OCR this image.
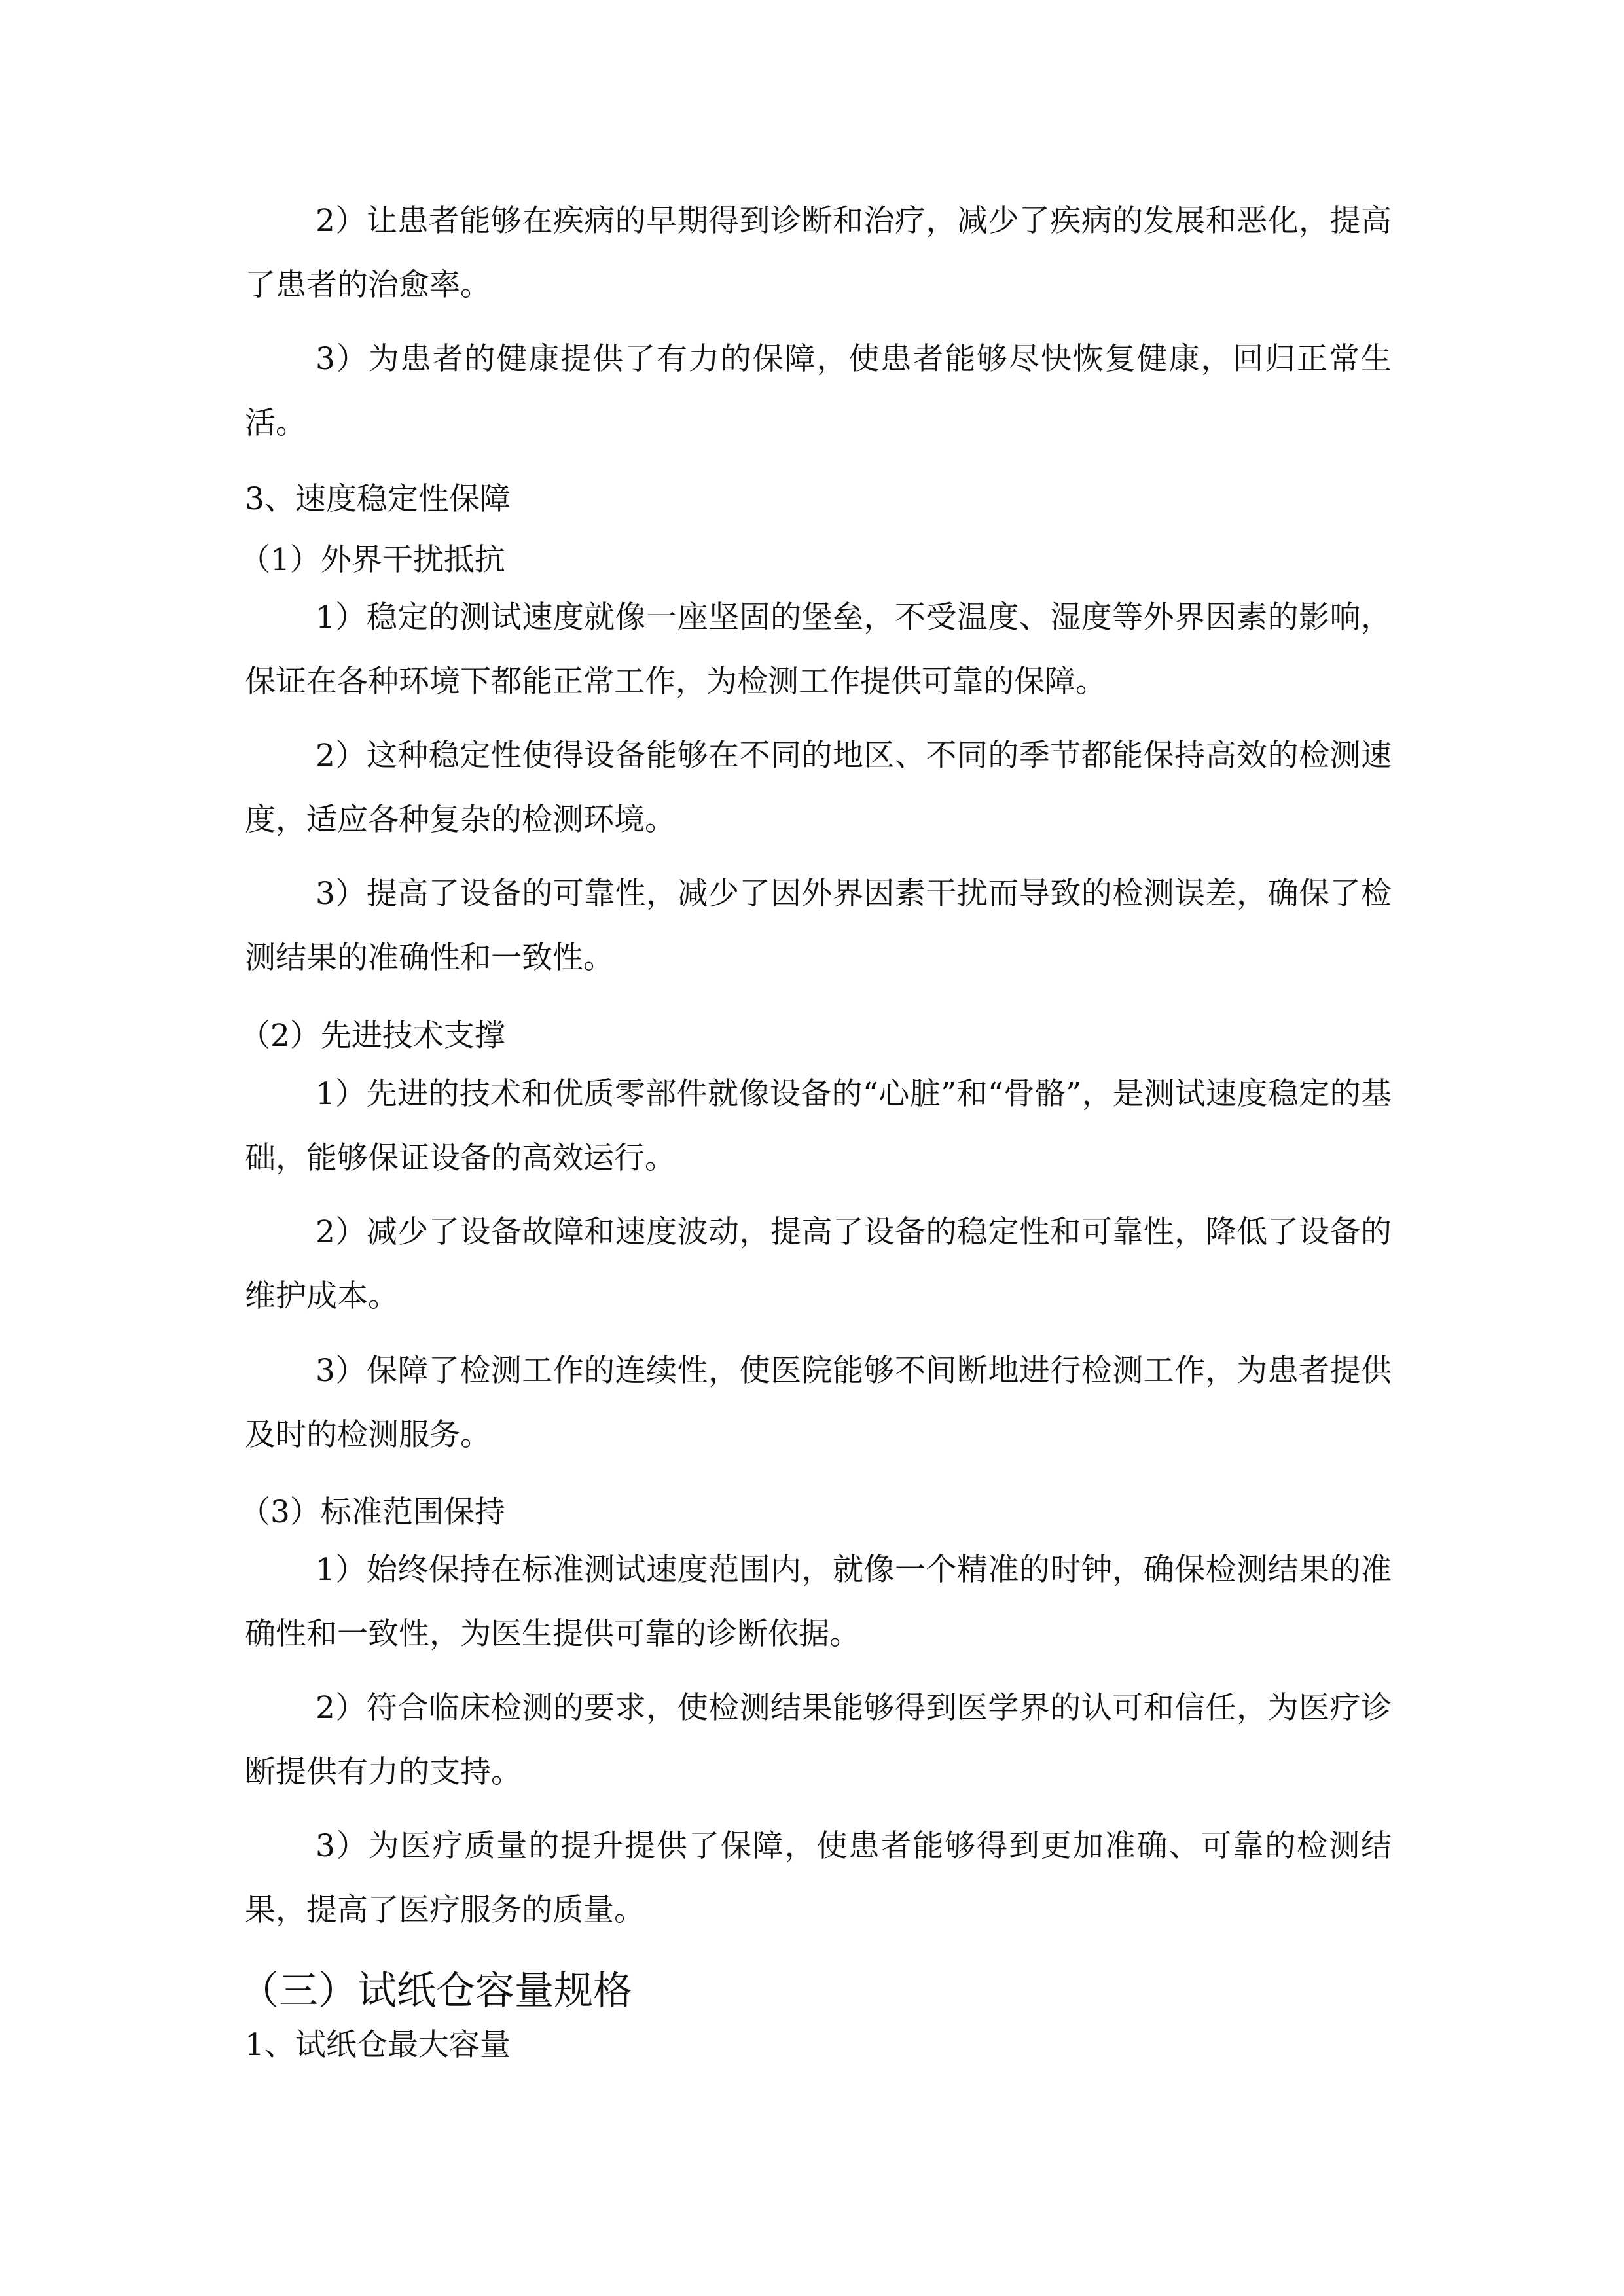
2）让患者能够在疾病的早期得到诊断和治疗，减少了疾病的发展和恶化，提高了患者的治愈率。

3）为患者的健康提供了有力的保障，使患者能够尽快恢复健康，回归正常生活。

3、速度稳定性保障

（1）外界干扰抵抗

1）稳定的测试速度就像一座坚固的堡垒，不受温度、湿度等外界因素的影响，保证在各种环境下都能正常工作，为检测工作提供可靠的保障。

2）这种稳定性使得设备能够在不同的地区、不同的季节都能保持高效的检测速度，适应各种复杂的检测环境。

3）提高了设备的可靠性，减少了因外界因素干扰而导致的检测误差，确保了检测结果的准确性和一致性。

（2）先进技术支撑

1）先进的技术和优质零部件就像设备的“心脏”和“骨骼”，是测试速度稳定的基础，能够保证设备的高效运行。

2）减少了设备故障和速度波动，提高了设备的稳定性和可靠性，降低了设备的维护成本。

3）保障了检测工作的连续性，使医院能够不间断地进行检测工作，为患者提供及时的检测服务。

（3）标准范围保持

1）始终保持在标准测试速度范围内，就像一个精准的时钟，确保检测结果的准确性和一致性，为医生提供可靠的诊断依据。

2）符合临床检测的要求，使检测结果能够得到医学界的认可和信任，为医疗诊断提供有力的支持。

3）为医疗质量的提升提供了保障，使患者能够得到更加准确、可靠的检测结果，提高了医疗服务的质量。

（三）试纸仓容量规格

1、试纸仓最大容量
